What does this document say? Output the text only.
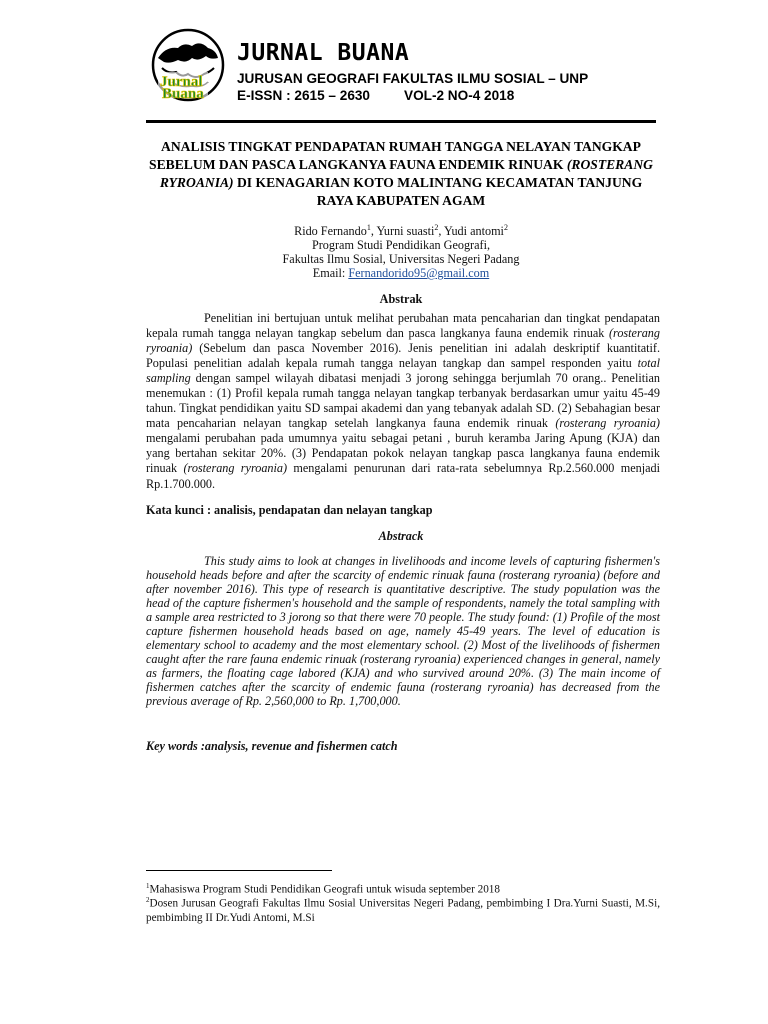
Jurnal
Buana
JURNAL BUANA
JURUSAN GEOGRAFI FAKULTAS ILMU SOSIAL – UNP
E-ISSN : 2615 – 2630	VOL-2 NO-4 2018
ANALISIS TINGKAT PENDAPATAN RUMAH TANGGA NELAYAN TANGKAP SEBELUM DAN PASCA LANGKANYA FAUNA ENDEMIK RINUAK (ROSTERANG RYROANIA) DI KENAGARIAN KOTO MALINTANG KECAMATAN TANJUNG RAYA KABUPATEN AGAM
Rido Fernando$^1$, Yurni suasti$^2$, Yudi antomi$^2$
Program Studi Pendidikan Geografi,
Fakultas Ilmu Sosial, Universitas Negeri Padang
Email: Fernandorido95@gmail.com
Abstrak

Penelitian ini bertujuan untuk melihat perubahan mata pencaharian dan tingkat pendapatan kepala rumah tangga nelayan tangkap sebelum dan pasca langkanya fauna endemik rinuak (rosterang ryroania) (Sebelum dan pasca November 2016). Jenis penelitian ini adalah deskriptif kuantitatif. Populasi penelitian adalah kepala rumah tangga nelayan tangkap dan sampel responden yaitu total sampling dengan sampel wilayah dibatasi menjadi 3 jorong sehingga berjumlah 70 orang.. Penelitian menemukan : (1) Profil kepala rumah tangga nelayan tangkap terbanyak berdasarkan umur yaitu 45-49 tahun. Tingkat pendidikan yaitu SD sampai akademi dan yang tebanyak adalah SD. (2) Sebahagian besar mata pencaharian nelayan tangkap setelah langkanya fauna endemik rinuak (rosterang ryroania) mengalami perubahan pada umumnya yaitu sebagai petani , buruh keramba Jaring Apung (KJA) dan yang bertahan sekitar 20%. (3) Pendapatan pokok nelayan tangkap pasca langkanya fauna endemik rinuak (rosterang ryroania) mengalami penurunan dari rata-rata sebelumnya Rp.2.560.000 menjadi Rp.1.700.000.

Kata kunci : analisis, pendapatan dan nelayan tangkap
Abstrack

This study aims to look at changes in livelihoods and income levels of capturing fishermen's household heads before and after the scarcity of endemic rinuak fauna (rosterang ryroania) (before and after november 2016). This type of research is quantitative descriptive. The study population was the head of the capture fishermen's household and the sample of respondents, namely the total sampling with a sample area restricted to 3 jorong so that there were 70 people. The study found: (1) Profile of the most capture fishermen household heads based on age, namely 45-49 years. The level of education is elementary school to academy and the most elementary school. (2) Most of the livelihoods of fishermen caught after the rare fauna endemic rinuak (rosterang ryroania) experienced changes in general, namely as farmers, the floating cage labored (KJA) and who survived around 20%. (3) The main income of fishermen catches after the scarcity of endemic fauna (rosterang ryroania) has decreased from the previous average of Rp. 2,560,000 to Rp. 1,700,000.

Key words :analysis, revenue and fishermen catch
$^1$Mahasiswa Program Studi Pendidikan Geografi untuk wisuda september 2018
$^2$Dosen Jurusan Geografi Fakultas Ilmu Sosial Universitas Negeri Padang, pembimbing I Dra.Yurni Suasti, M.Si, pembimbing II Dr.Yudi Antomi, M.Si
